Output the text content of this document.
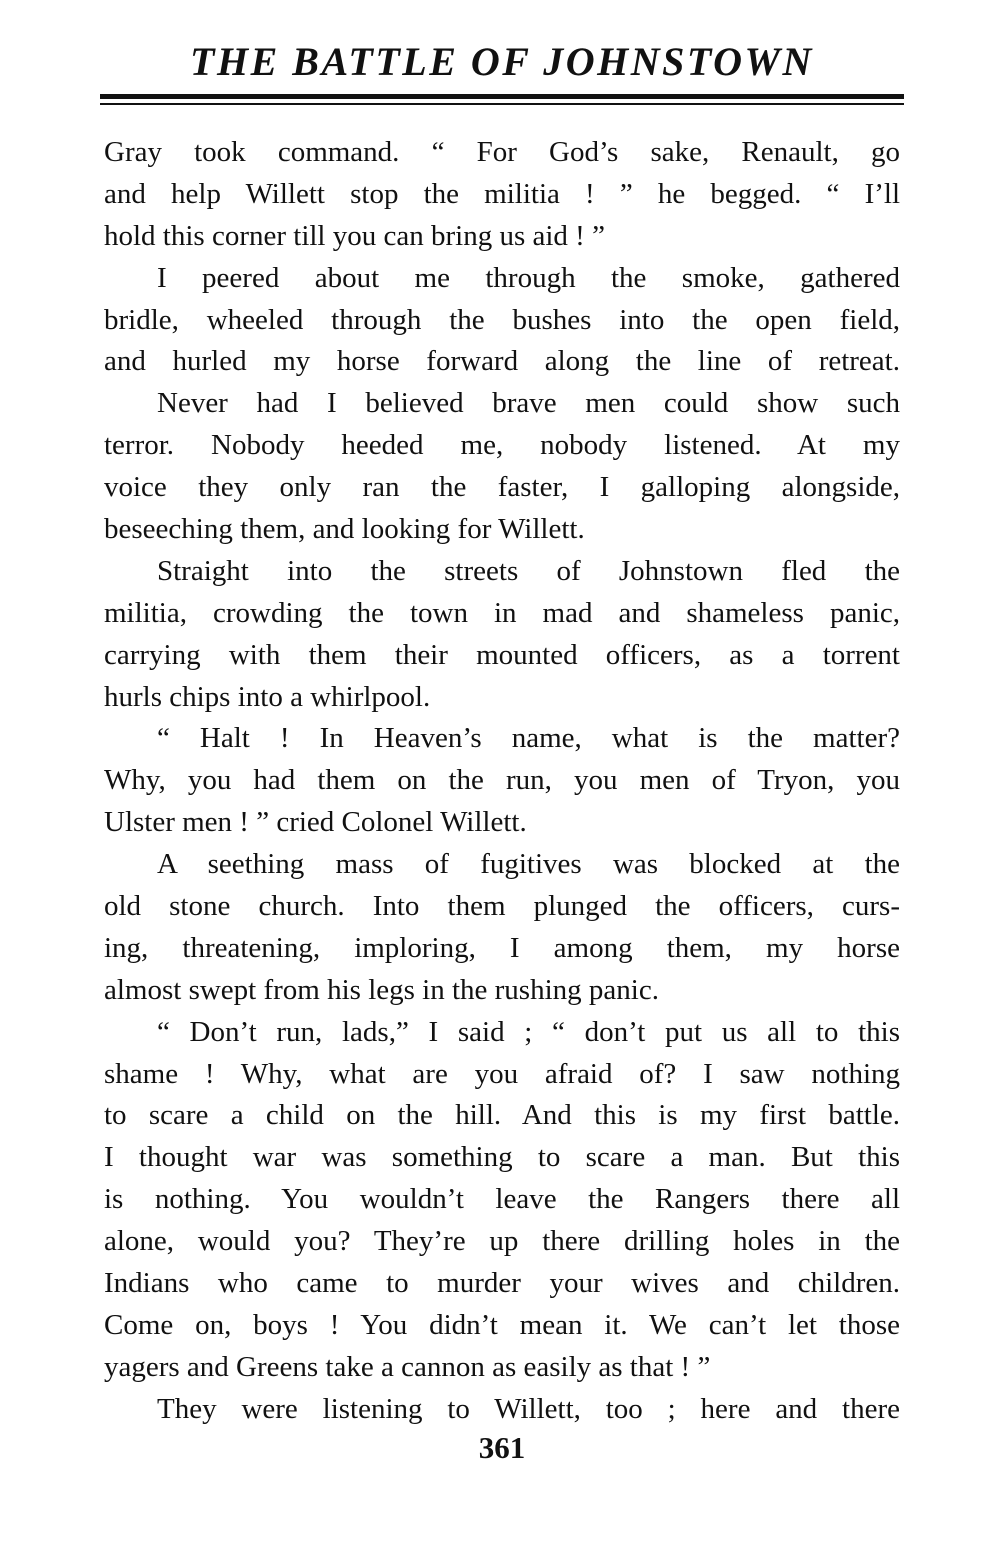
THE BATTLE OF JOHNSTOWN
Gray took command. “ For God’s sake, Renault, go
and help Willett stop the militia ! ” he begged. “ I’ll
hold this corner till you can bring us aid ! ”
I peered about me through the smoke, gathered
bridle, wheeled through the bushes into the open field,
and hurled my horse forward along the line of retreat.
Never had I believed brave men could show such
terror. Nobody heeded me, nobody listened. At my
voice they only ran the faster, I galloping alongside,
beseeching them, and looking for Willett.
Straight into the streets of Johnstown fled the
militia, crowding the town in mad and shameless panic,
carrying with them their mounted officers, as a torrent
hurls chips into a whirlpool.
“ Halt ! In Heaven’s name, what is the matter?
Why, you had them on the run, you men of Tryon, you
Ulster men ! ” cried Colonel Willett.
A seething mass of fugitives was blocked at the
old stone church. Into them plunged the officers, curs-
ing, threatening, imploring, I among them, my horse
almost swept from his legs in the rushing panic.
“ Don’t run, lads,” I said ; “ don’t put us all to this
shame ! Why, what are you afraid of? I saw nothing
to scare a child on the hill. And this is my first battle.
I thought war was something to scare a man. But this
is nothing. You wouldn’t leave the Rangers there all
alone, would you? They’re up there drilling holes in the
Indians who came to murder your wives and children.
Come on, boys ! You didn’t mean it. We can’t let those
yagers and Greens take a cannon as easily as that ! ”
They were listening to Willett, too ; here and there
361
